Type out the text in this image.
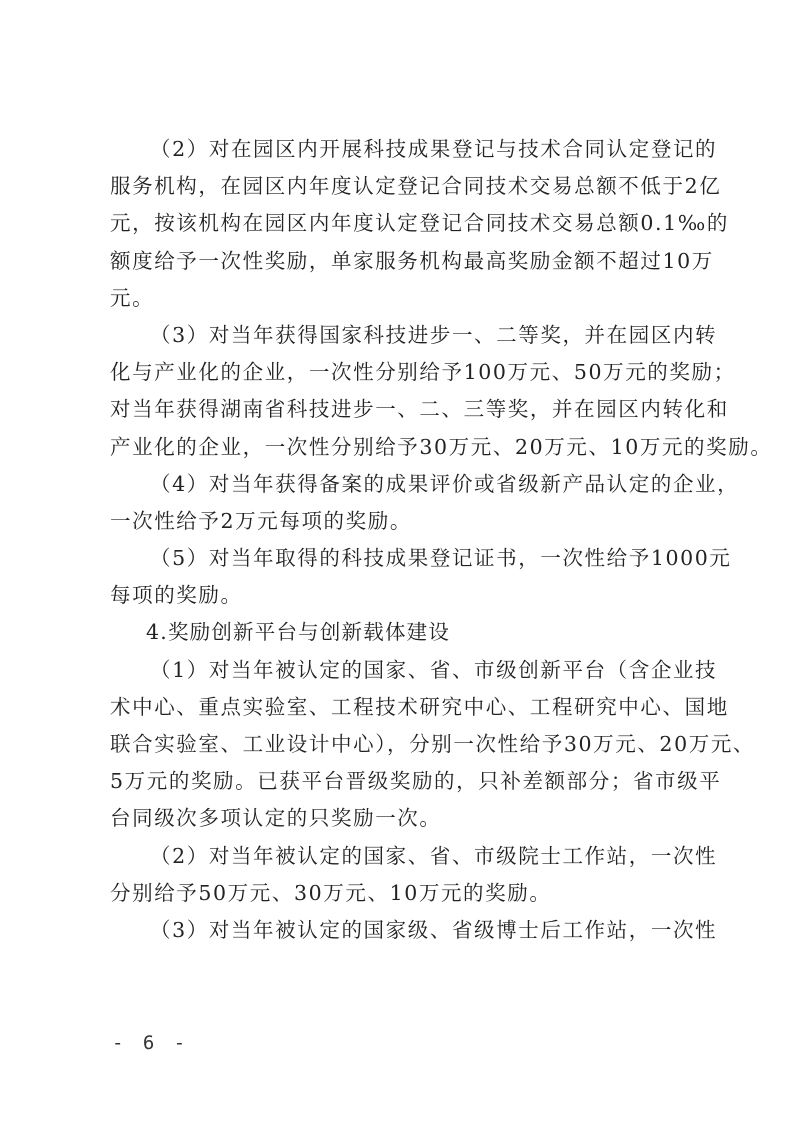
（2）对在园区内开展科技成果登记与技术合同认定登记的
服务机构，在园区内年度认定登记合同技术交易总额不低于2亿
元，按该机构在园区内年度认定登记合同技术交易总额0.1‰的
额度给予一次性奖励，单家服务机构最高奖励金额不超过10万
元。
（3）对当年获得国家科技进步一、二等奖，并在园区内转
化与产业化的企业，一次性分别给予100万元、50万元的奖励；
对当年获得湖南省科技进步一、二、三等奖，并在园区内转化和
产业化的企业，一次性分别给予30万元、20万元、10万元的奖励。
（4）对当年获得备案的成果评价或省级新产品认定的企业，
一次性给予2万元每项的奖励。
（5）对当年取得的科技成果登记证书，一次性给予1000元
每项的奖励。
4.奖励创新平台与创新载体建设
（1）对当年被认定的国家、省、市级创新平台（含企业技
术中心、重点实验室、工程技术研究中心、工程研究中心、国地
联合实验室、工业设计中心），分别一次性给予30万元、20万元、
5万元的奖励。已获平台晋级奖励的，只补差额部分；省市级平
台同级次多项认定的只奖励一次。
（2）对当年被认定的国家、省、市级院士工作站，一次性
分别给予50万元、30万元、10万元的奖励。
（3）对当年被认定的国家级、省级博士后工作站，一次性
- 6 -
